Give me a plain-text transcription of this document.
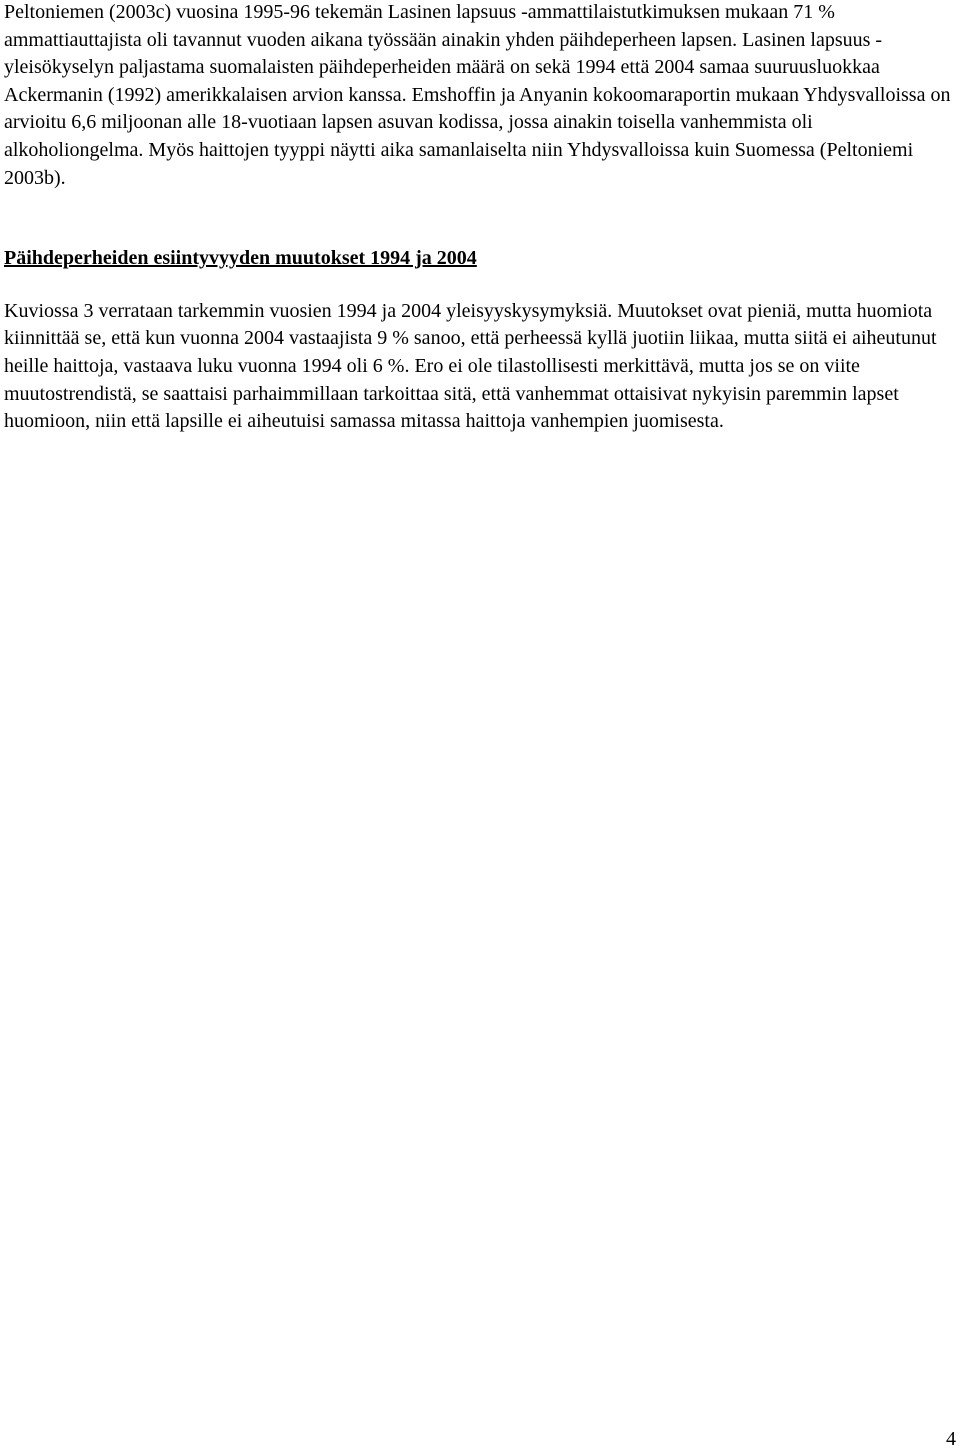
Peltoniemen (2003c) vuosina 1995-96 tekemän Lasinen lapsuus -ammattilaistutkimuksen mukaan 71 % ammattiauttajista oli tavannut vuoden aikana työssään ainakin yhden päihdeperheen lapsen. Lasinen lapsuus -yleisökyselyn paljastama suomalaisten päihdeperheiden määrä on sekä 1994 että 2004 samaa suuruusluokkaa Ackermanin (1992) amerikkalaisen arvion kanssa. Emshoffin ja Anyanin kokoomaraportin mukaan Yhdysvalloissa on arvioitu 6,6 miljoonan alle 18-vuotiaan lapsen asuvan kodissa, jossa ainakin toisella vanhemmista oli alkoholiongelma. Myös haittojen tyyppi näytti aika samanlaiselta niin Yhdysvalloissa kuin Suomessa (Peltoniemi 2003b).

Päihdeperheiden esiintyvyyden muutokset 1994 ja 2004

Kuviossa 3 verrataan tarkemmin vuosien 1994 ja 2004 yleisyyskysymyksiä. Muutokset ovat pieniä, mutta huomiota kiinnittää se, että kun vuonna 2004 vastaajista 9 % sanoo, että perheessä kyllä juotiin liikaa, mutta siitä ei aiheutunut heille haittoja, vastaava luku vuonna 1994 oli 6 %. Ero ei ole tilastollisesti merkittävä, mutta jos se on viite muutostrendistä, se saattaisi parhaimmillaan tarkoittaa sitä, että vanhemmat ottaisivat nykyisin paremmin lapset huomioon, niin että lapsille ei aiheutuisi samassa mitassa haittoja vanhempien juomisesta.

4
